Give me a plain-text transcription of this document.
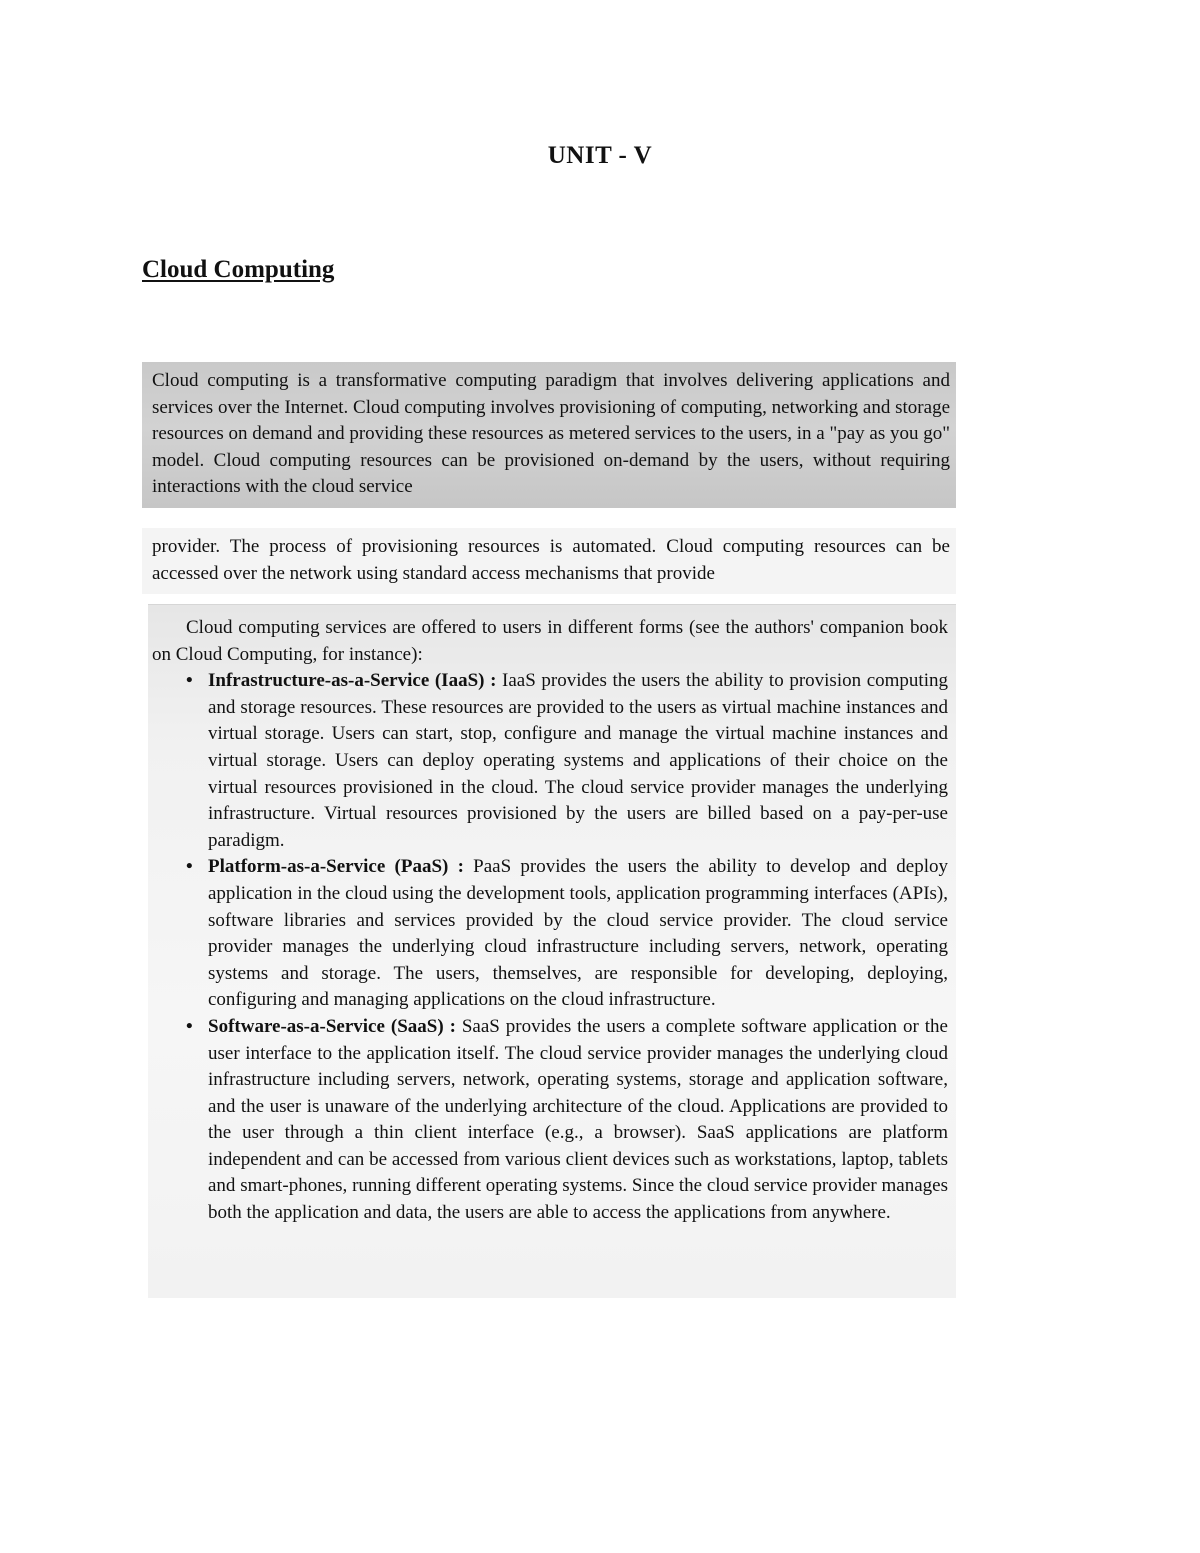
UNIT - V
Cloud Computing

Cloud computing is a transformative computing paradigm that involves delivering applications and services over the Internet. Cloud computing involves provisioning of computing, networking and storage resources on demand and providing these resources as metered services to the users, in a "pay as you go" model. Cloud computing resources can be provisioned on-demand by the users, without requiring interactions with the cloud service

provider. The process of provisioning resources is automated. Cloud computing resources can be accessed over the network using standard access mechanisms that provide

Cloud computing services are offered to users in different forms (see the authors' companion book on Cloud Computing, for instance):

• Infrastructure-as-a-Service (IaaS) : IaaS provides the users the ability to provision computing and storage resources. These resources are provided to the users as virtual machine instances and virtual storage. Users can start, stop, configure and manage the virtual machine instances and virtual storage. Users can deploy operating systems and applications of their choice on the virtual resources provisioned in the cloud. The cloud service provider manages the underlying infrastructure. Virtual resources provisioned by the users are billed based on a pay-per-use paradigm.
• Platform-as-a-Service (PaaS) : PaaS provides the users the ability to develop and deploy application in the cloud using the development tools, application programming interfaces (APIs), software libraries and services provided by the cloud service provider. The cloud service provider manages the underlying cloud infrastructure including servers, network, operating systems and storage. The users, themselves, are responsible for developing, deploying, configuring and managing applications on the cloud infrastructure.
• Software-as-a-Service (SaaS) : SaaS provides the users a complete software application or the user interface to the application itself. The cloud service provider manages the underlying cloud infrastructure including servers, network, operating systems, storage and application software, and the user is unaware of the underlying architecture of the cloud. Applications are provided to the user through a thin client interface (e.g., a browser). SaaS applications are platform independent and can be accessed from various client devices such as workstations, laptop, tablets and smart-phones, running different operating systems. Since the cloud service provider manages both the application and data, the users are able to access the applications from anywhere.
